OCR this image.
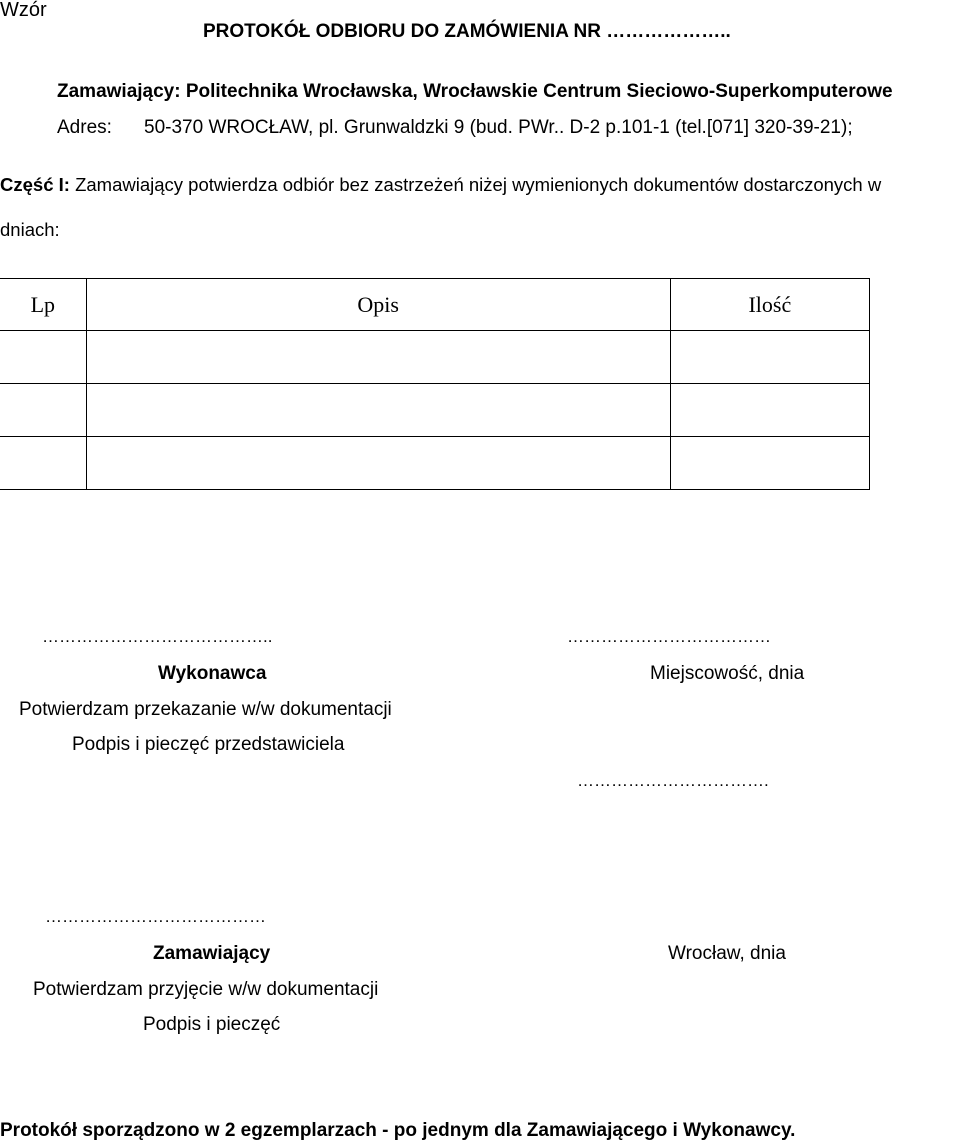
Wzór
PROTOKÓŁ ODBIORU DO ZAMÓWIENIA NR ………………..
Zamawiający: Politechnika Wrocławska, Wrocławskie Centrum Sieciowo-Superkomputerowe
Adres: 50-370 WROCŁAW, pl. Grunwaldzki 9 (bud. PWr.. D-2 p.101-1 (tel.[071] 320-39-21);
Część I: Zamawiający potwierdza odbiór bez zastrzeżeń niżej wymienionych dokumentów dostarczonych w
dniach:
Lp	Opis	Ilość

…………………………………..
Wykonawca
Potwierdzam przekazanie w/w dokumentacji
Podpis i pieczęć przedstawiciela
………………………………
Miejscowość, dnia
…………………………….
…………………………………
Zamawiający
Potwierdzam przyjęcie w/w dokumentacji
Podpis i pieczęć
Wrocław, dnia
Protokół sporządzono w 2 egzemplarzach - po jednym dla Zamawiającego i Wykonawcy.
